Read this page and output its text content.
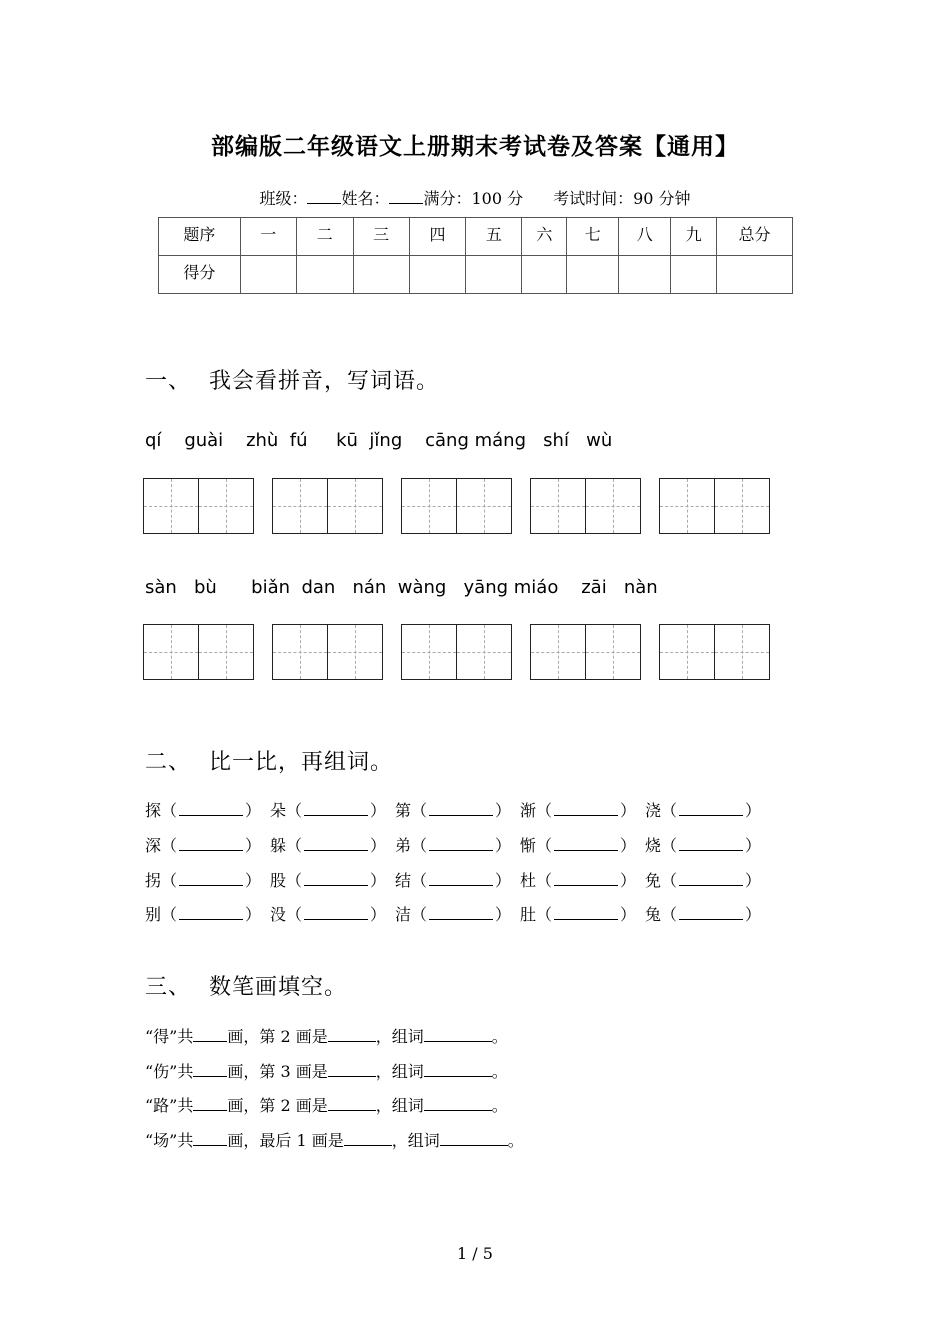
部编版二年级语文上册期末考试卷及答案【通用】
班级： 姓名： 满分：100 分 考试时间：90 分钟
题序	一	二	三	四	五	六	七	八	九	总分
得分										
一、 我会看拼音，写词语。
qí    guài    zhù  fú     kū  jǐng    cāng máng   shí   wù
sàn   bù      biǎn  dan   nán  wàng   yāng miáo    zāi   nàn
二、 比一比，再组词。
探（	） 朵（	） 第（	） 渐（	） 浇（	）
深（	） 躲（	） 弟（	） 惭（	） 烧（	）
拐（	） 股（	） 结（	） 杜（	） 免（	）
别（	） 没（	） 洁（	） 肚（	） 兔（	）
三、 数笔画填空。
“得”共 画，第 2 画是	，组词	。
“伤”共 画，第 3 画是	，组词	。
“路”共 画，第 2 画是	，组词	。
“场”共 画，最后 1 画是	，组词	。
1 / 5
